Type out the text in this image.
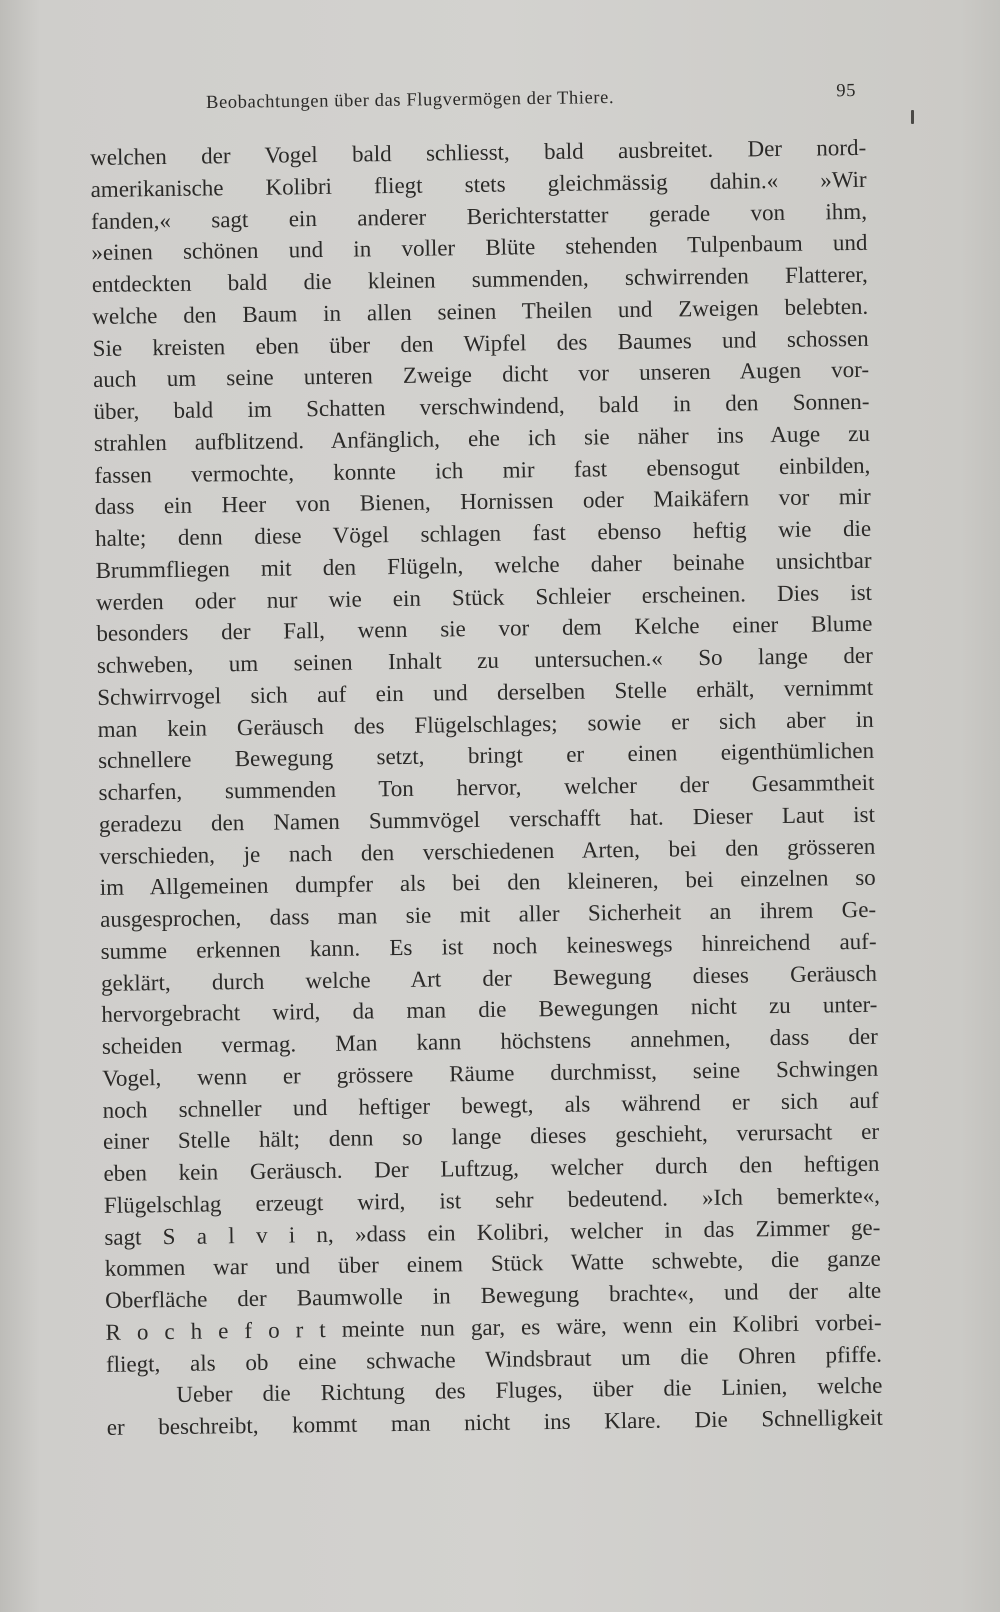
Beobachtungen über das Flugvermögen der Thiere.	95
welchen der Vogel bald schliesst, bald ausbreitet. Der nord-
amerikanische Kolibri fliegt stets gleichmässig dahin.« »Wir
fanden,« sagt ein anderer Berichterstatter gerade von ihm,
»einen schönen und in voller Blüte stehenden Tulpenbaum und
entdeckten bald die kleinen summenden, schwirrenden Flatterer,
welche den Baum in allen seinen Theilen und Zweigen belebten.
Sie kreisten eben über den Wipfel des Baumes und schossen
auch um seine unteren Zweige dicht vor unseren Augen vor-
über, bald im Schatten verschwindend, bald in den Sonnen-
strahlen aufblitzend. Anfänglich, ehe ich sie näher ins Auge zu
fassen vermochte, konnte ich mir fast ebensogut einbilden,
dass ein Heer von Bienen, Hornissen oder Maikäfern vor mir
halte; denn diese Vögel schlagen fast ebenso heftig wie die
Brummfliegen mit den Flügeln, welche daher beinahe unsichtbar
werden oder nur wie ein Stück Schleier erscheinen. Dies ist
besonders der Fall, wenn sie vor dem Kelche einer Blume
schweben, um seinen Inhalt zu untersuchen.« So lange der
Schwirrvogel sich auf ein und derselben Stelle erhält, vernimmt
man kein Geräusch des Flügelschlages; sowie er sich aber in
schnellere Bewegung setzt, bringt er einen eigenthümlichen
scharfen, summenden Ton hervor, welcher der Gesammtheit
geradezu den Namen Summvögel verschafft hat. Dieser Laut ist
verschieden, je nach den verschiedenen Arten, bei den grösseren
im Allgemeinen dumpfer als bei den kleineren, bei einzelnen so
ausgesprochen, dass man sie mit aller Sicherheit an ihrem Ge-
summe erkennen kann. Es ist noch keineswegs hinreichend auf-
geklärt, durch welche Art der Bewegung dieses Geräusch
hervorgebracht wird, da man die Bewegungen nicht zu unter-
scheiden vermag. Man kann höchstens annehmen, dass der
Vogel, wenn er grössere Räume durchmisst, seine Schwingen
noch schneller und heftiger bewegt, als während er sich auf
einer Stelle hält; denn so lange dieses geschieht, verursacht er
eben kein Geräusch. Der Luftzug, welcher durch den heftigen
Flügelschlag erzeugt wird, ist sehr bedeutend. »Ich bemerkte«,
sagt S a l v i n, »dass ein Kolibri, welcher in das Zimmer ge-
kommen war und über einem Stück Watte schwebte, die ganze
Oberfläche der Baumwolle in Bewegung brachte«, und der alte
R o c h e f o r t meinte nun gar, es wäre, wenn ein Kolibri vorbei-
fliegt, als ob eine schwache Windsbraut um die Ohren pfiffe.
Ueber die Richtung des Fluges, über die Linien, welche
er beschreibt, kommt man nicht ins Klare. Die Schnelligkeit
